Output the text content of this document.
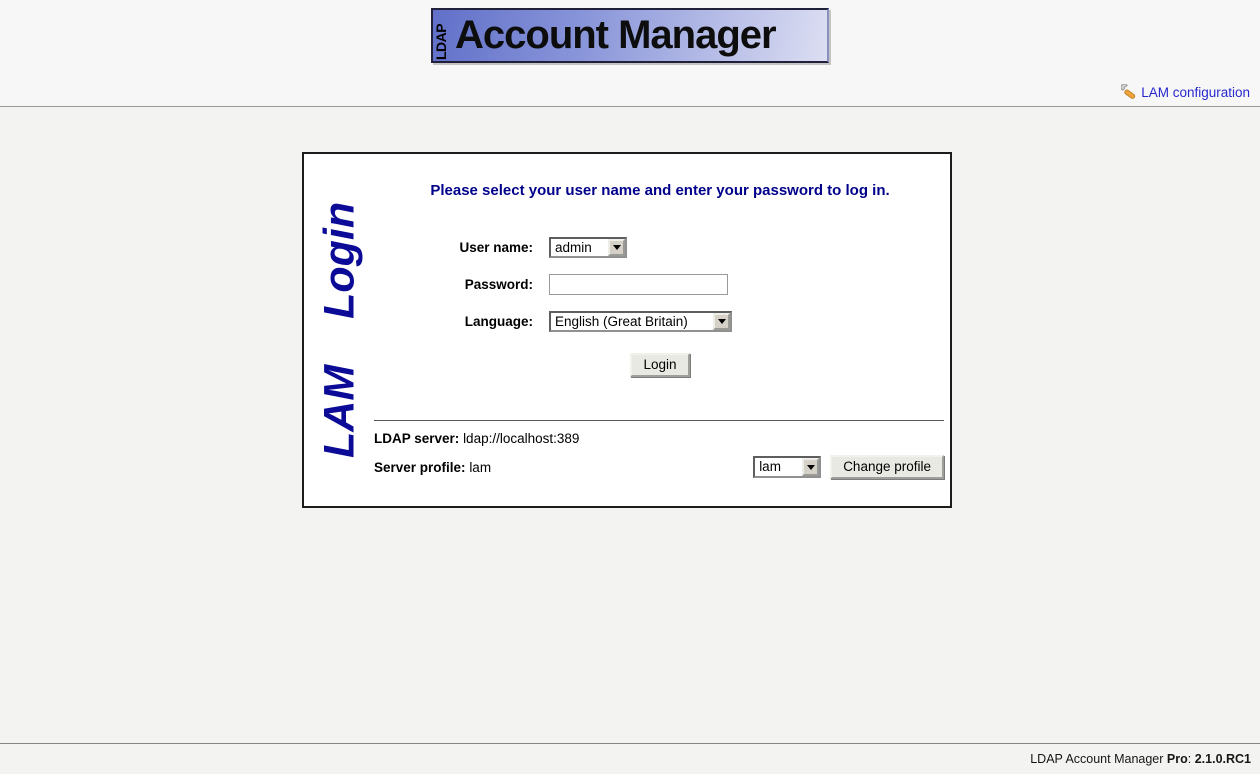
LDAP Account Manager
LAM configuration
LAM Login
Please select your user name and enter your password to log in.
User name:	admin
Password:
Language:	English (Great Britain)
Login
LDAP server: ldap://localhost:389
Server profile: lam	lam	Change profile
LDAP Account Manager Pro: 2.1.0.RC1
